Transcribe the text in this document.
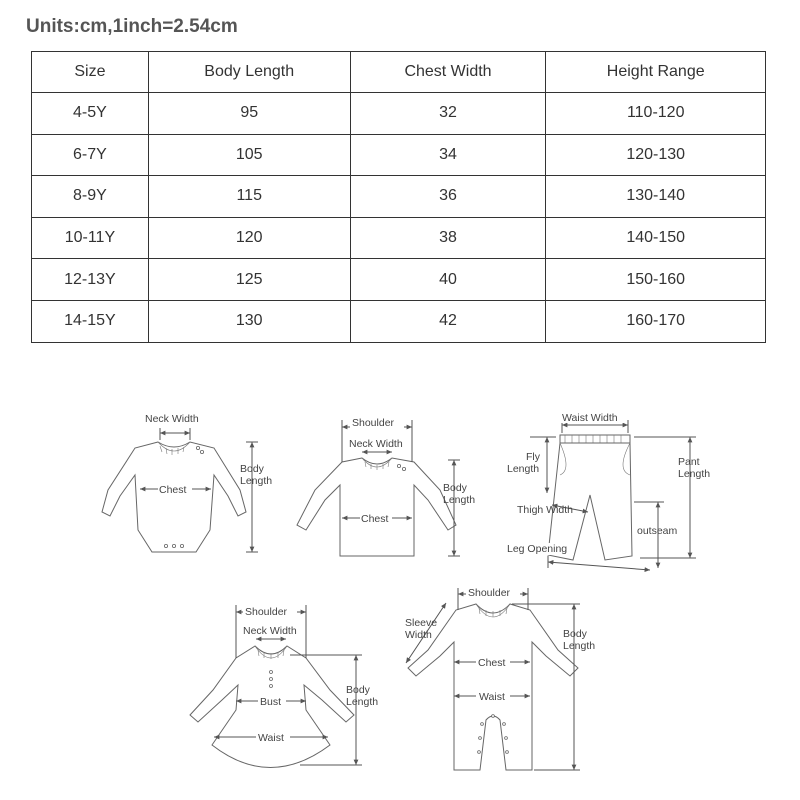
Units:cm,1inch=2.54cm
Size	Body Length	Chest Width	Height Range
4-5Y	95	32	110-120
6-7Y	105	34	120-130
8-9Y	115	36	130-140
10-11Y	120	38	140-150
12-13Y	125	40	150-160
14-15Y	130	42	160-170
Neck Width
Chest
Body
Length
Shoulder
Neck Width
Chest
Body
Length
Waist Width
Fly
Length
Pant
Length
Thigh Width
outseam
Leg Opening
Shoulder
Neck Width
Bust
Waist
Body
Length
Shoulder
Sleeve
Width
Chest
Waist
Body
Length
